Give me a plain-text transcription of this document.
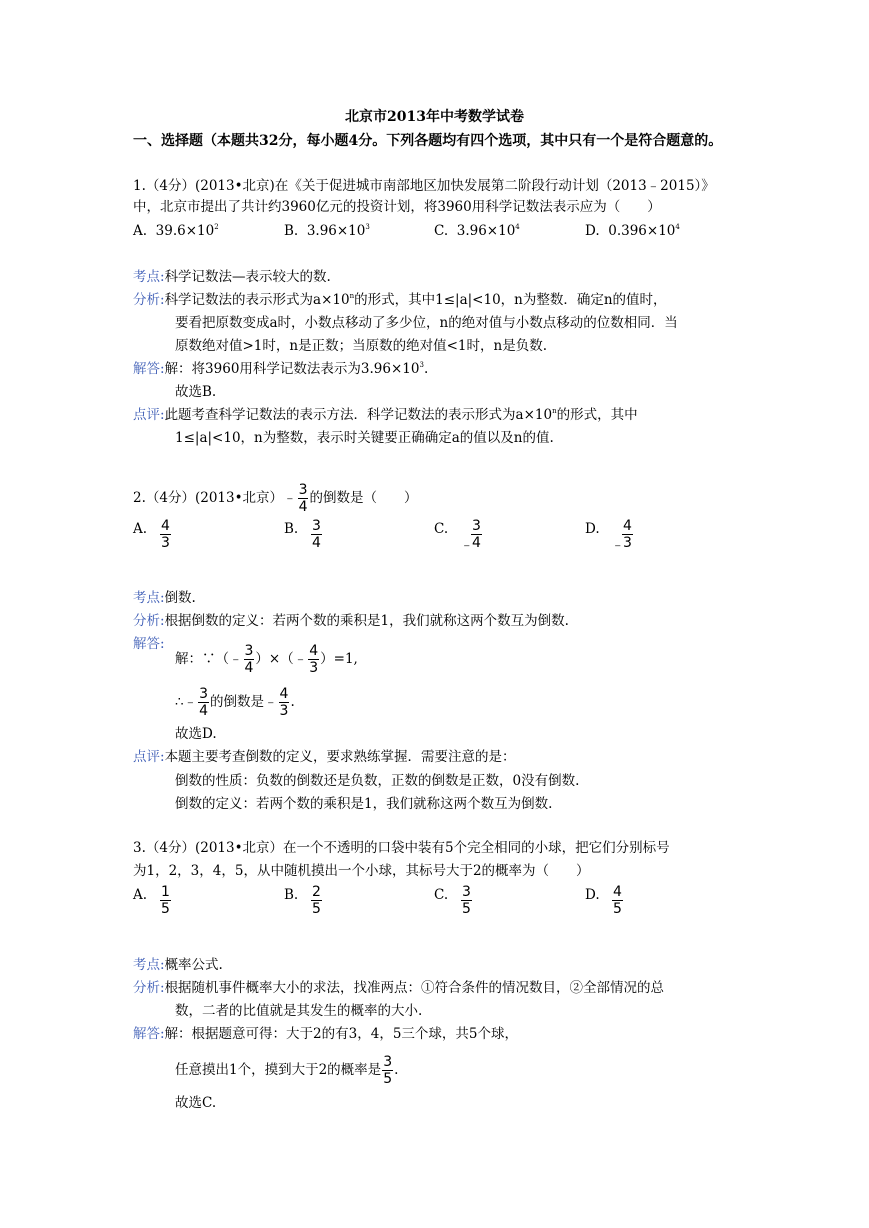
北京市2013年中考数学试卷
一、选择题（本题共32分，每小题4分。下列各题均有四个选项，其中只有一个是符合题意的。
1.（4分）(2013•北京)在《关于促进城市南部地区加快发展第二阶段行动计划（2013﹣2015）》
中，北京市提出了共计约3960亿元的投资计划，将3960用科学记数法表示应为（　　）
A. $39.6\times 10^2$	B. $3.96\times 10^3$	C. $3.96\times 10^4$	D. $0.396\times 10^4$
考点:科学记数法—表示较大的数.
分析:科学记数法的表示形式为$a\times 10^n$的形式，其中1≤|a|<10，n为整数．确定n的值时，
要看把原数变成a时，小数点移动了多少位，n的绝对值与小数点移动的位数相同．当
原数绝对值>1时，n是正数；当原数的绝对值<1时，n是负数.
解答:解：将3960用科学记数法表示为$3.96\times 10^3$.
故选B.
点评:此题考查科学记数法的表示方法．科学记数法的表示形式为$a\times 10^n$的形式，其中
1≤|a|<10，n为整数，表示时关键要正确确定a的值以及n的值.
2.（4分）(2013•北京）﹣ $\frac{3}{4}$ 的倒数是（　　）
A. $\frac{4}{3}$	B. $\frac{3}{4}$	C.
﹣
$\frac{3}{4}$	D.
﹣
$\frac{4}{3}$
考点:倒数.
分析:根据倒数的定义：若两个数的乘积是1，我们就称这两个数互为倒数.
解答:
解：∵（﹣ $\frac{3}{4}$ ）×（﹣ $\frac{4}{3} )=1$,
∴﹣ $\frac{3}{4}$ 的倒数是﹣ $\frac{4}{3}$ .
故选D.
点评:本题主要考查倒数的定义，要求熟练掌握．需要注意的是：
倒数的性质：负数的倒数还是负数，正数的倒数是正数，0没有倒数.
倒数的定义：若两个数的乘积是1，我们就称这两个数互为倒数.
3.（4分）(2013•北京）在一个不透明的口袋中装有5个完全相同的小球，把它们分别标号
为1，2，3，4，5，从中随机摸出一个小球，其标号大于2的概率为（　　）
A. $\frac{1}{5}$	B. $\frac{2}{5}$	C. $\frac{3}{5}$	D. $\frac{4}{5}$
考点:概率公式.
分析:根据随机事件概率大小的求法，找准两点：①符合条件的情况数目，②全部情况的总
数，二者的比值就是其发生的概率的大小.
解答:解：根据题意可得：大于2的有3，4，5三个球，共5个球，
任意摸出1个，摸到大于2的概率是 $\frac{3}{5}$ .
故选C.
